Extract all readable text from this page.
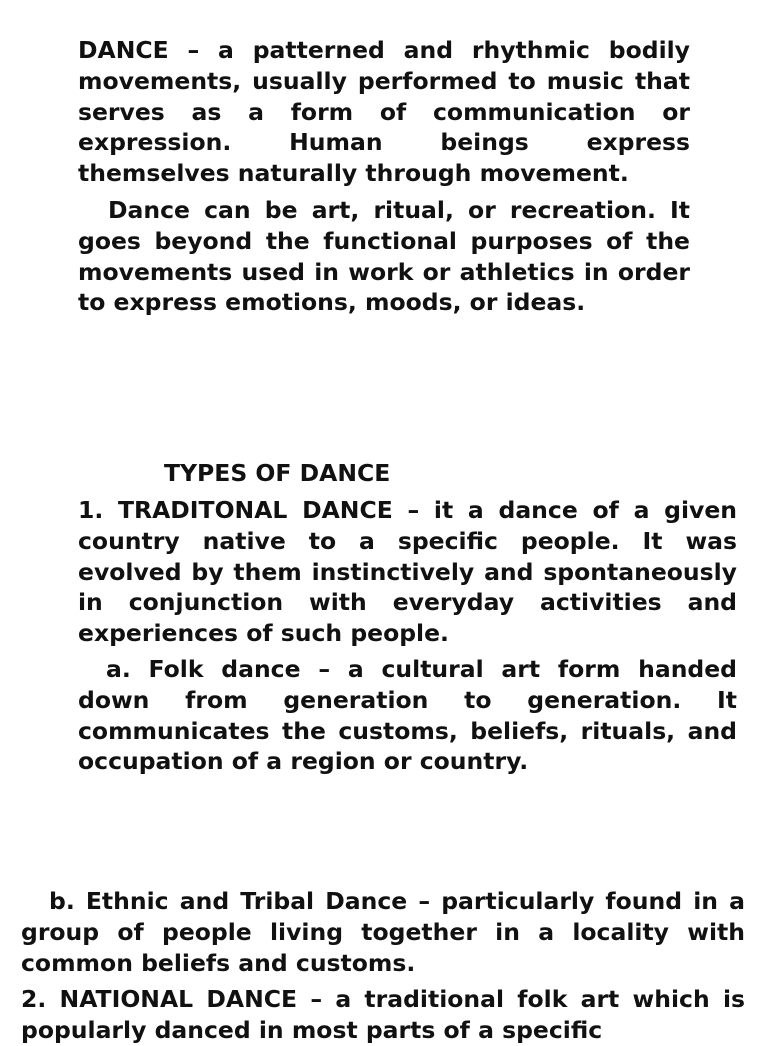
DANCE – a patterned and rhythmic bodily movements, usually performed to music that serves as a form of communication or expression. Human beings express themselves naturally through movement.

Dance can be art, ritual, or recreation. It goes beyond the functional purposes of the movements used in work or athletics in order to express emotions, moods, or ideas.

TYPES OF DANCE

1. TRADITONAL DANCE – it a dance of a given country native to a specific people. It was evolved by them instinctively and spontaneously in conjunction with everyday activities and experiences of such people.

a. Folk dance – a cultural art form handed down from generation to generation. It communicates the customs, beliefs, rituals, and occupation of a region or country.

b. Ethnic and Tribal Dance – particularly found in a group of people living together in a locality with common beliefs and customs.

2. NATIONAL DANCE – a traditional folk art which is popularly danced in most parts of a specific
